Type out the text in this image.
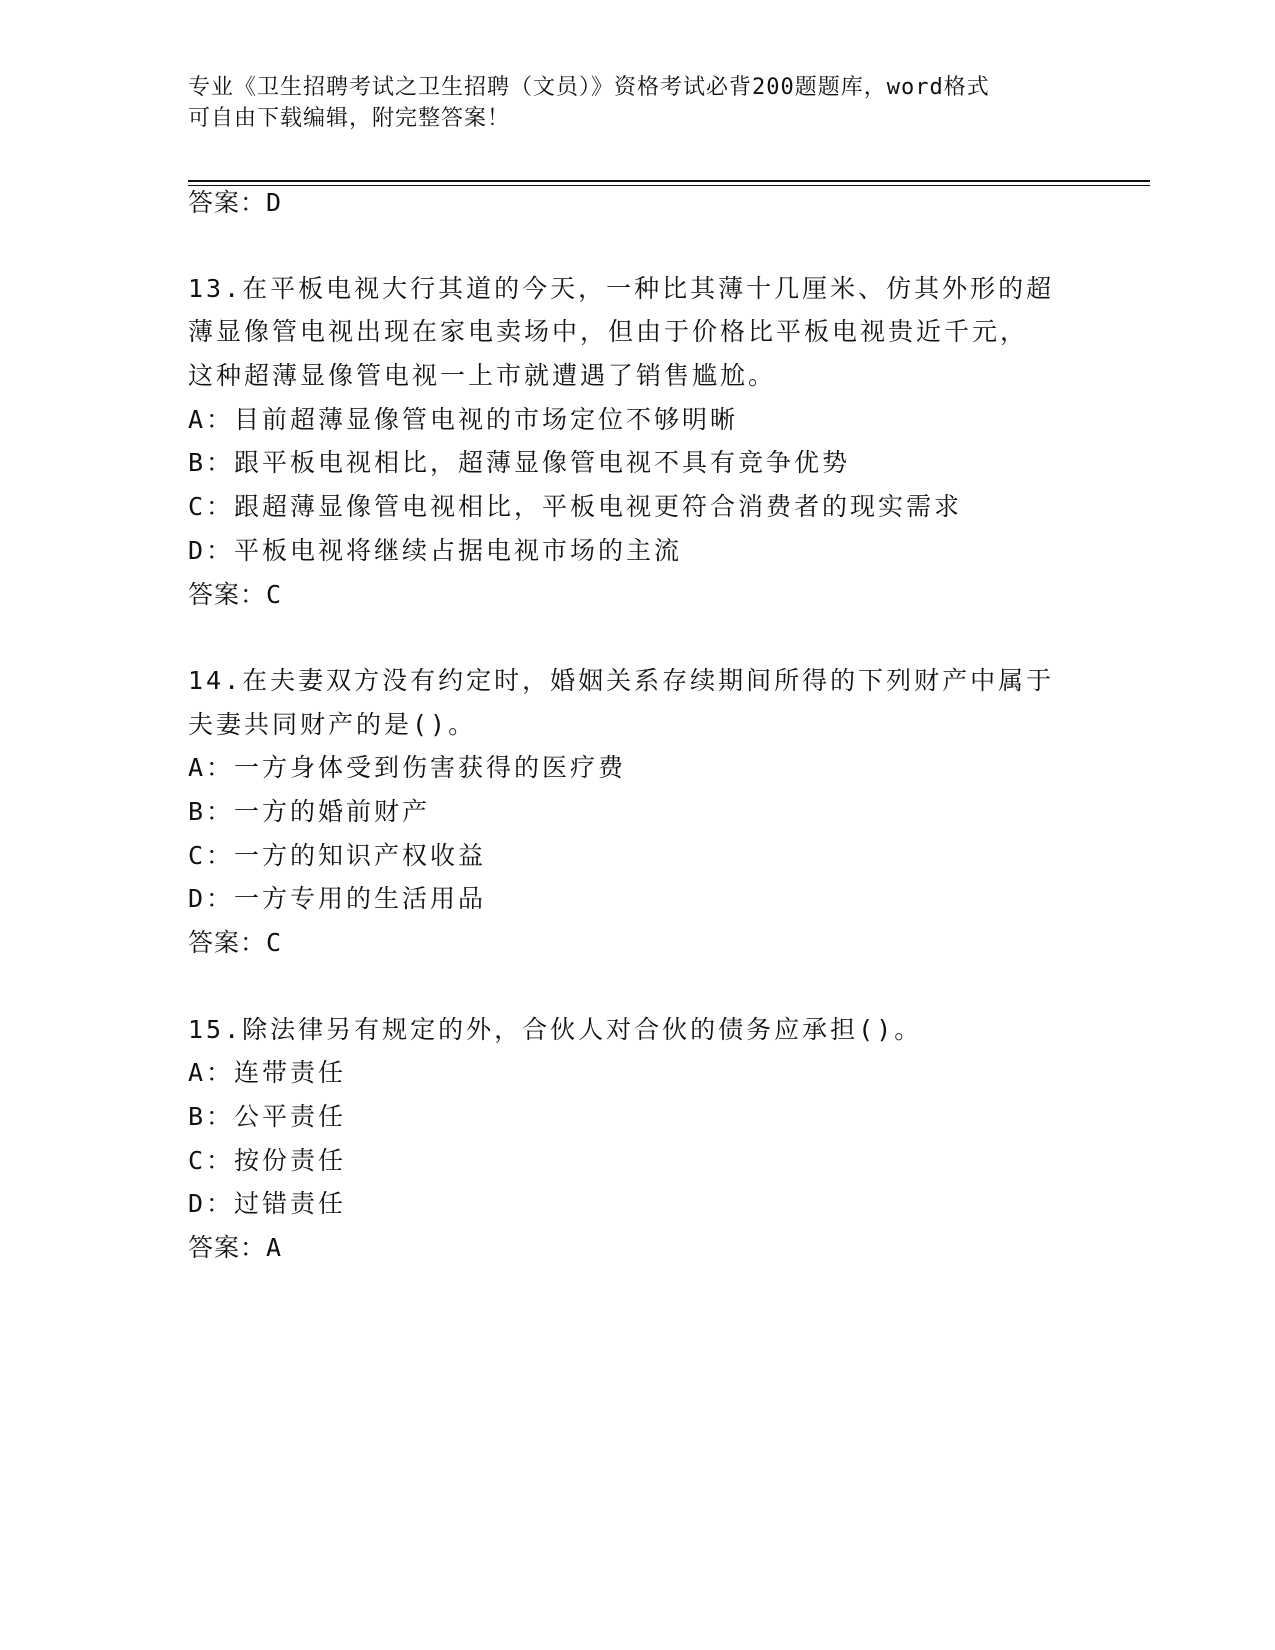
专业《卫生招聘考试之卫生招聘（文员）》资格考试必背200题题库，word格式
可自由下载编辑，附完整答案！
答案：D
13.在平板电视大行其道的今天，一种比其薄十几厘米、仿其外形的超
薄显像管电视出现在家电卖场中，但由于价格比平板电视贵近千元，
这种超薄显像管电视一上市就遭遇了销售尴尬。
A：目前超薄显像管电视的市场定位不够明晰
B：跟平板电视相比，超薄显像管电视不具有竞争优势
C：跟超薄显像管电视相比，平板电视更符合消费者的现实需求
D：平板电视将继续占据电视市场的主流
答案：C
14.在夫妻双方没有约定时，婚姻关系存续期间所得的下列财产中属于
夫妻共同财产的是()。
A：一方身体受到伤害获得的医疗费
B：一方的婚前财产
C：一方的知识产权收益
D：一方专用的生活用品
答案：C
15.除法律另有规定的外，合伙人对合伙的债务应承担()。
A：连带责任
B：公平责任
C：按份责任
D：过错责任
答案：A
